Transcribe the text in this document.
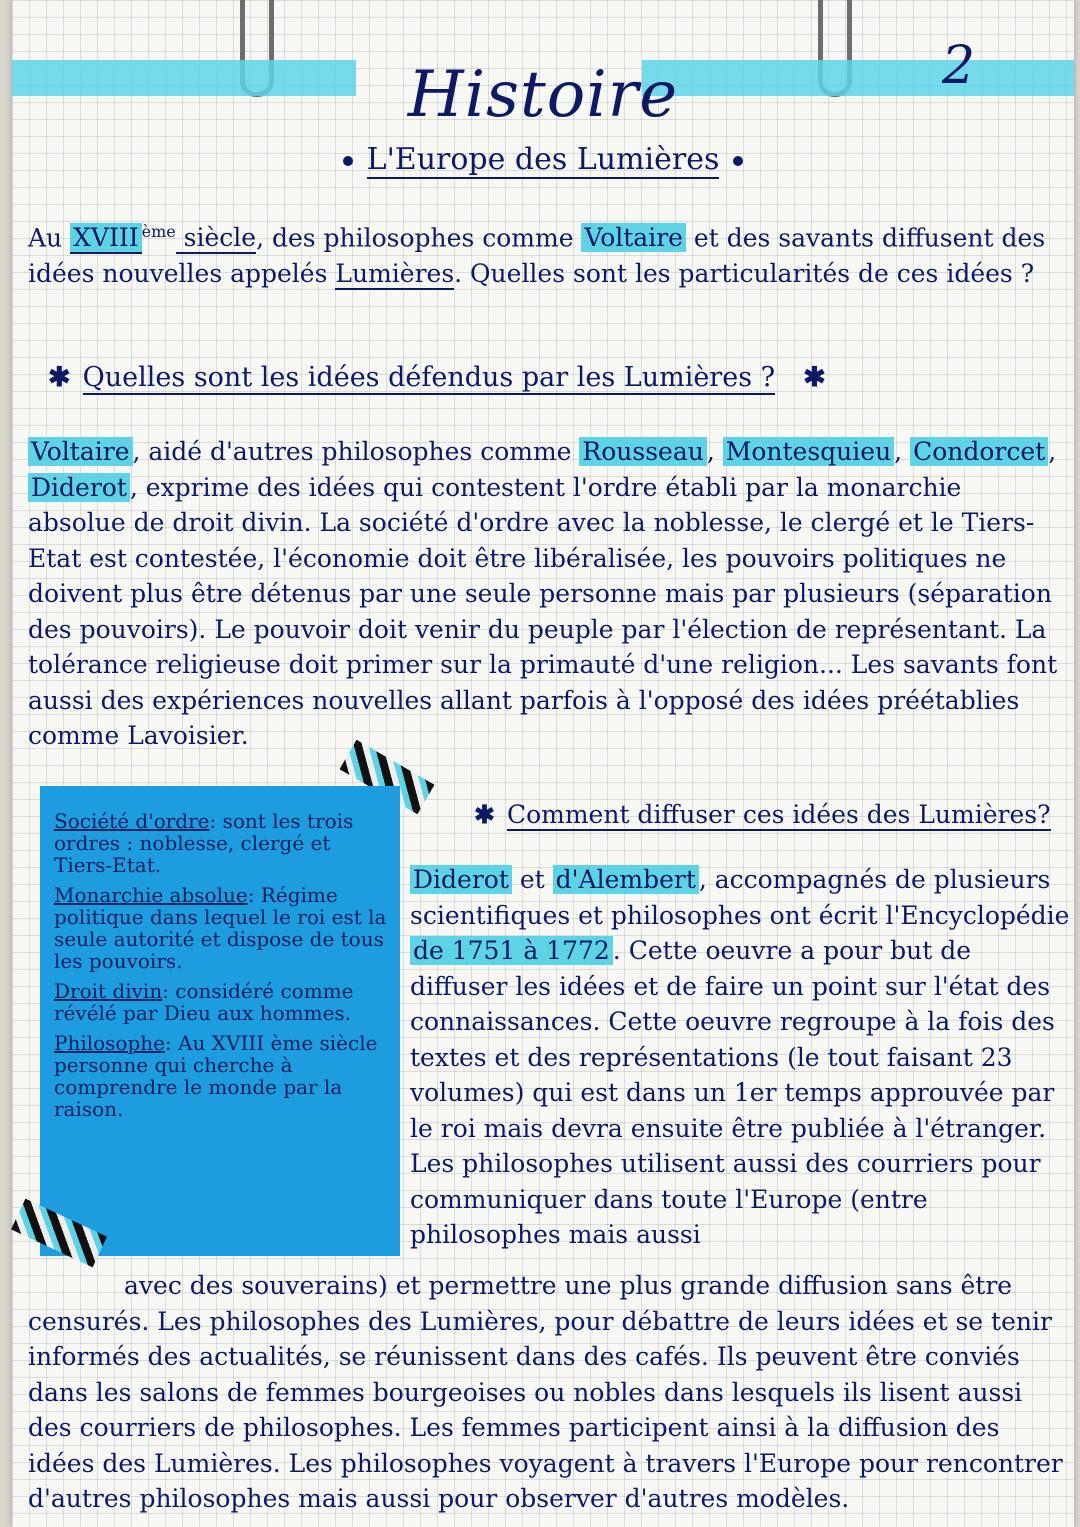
2
Histoire
L'Europe des Lumières
Au XVIII $^{ème}$ siècle, des philosophes comme Voltaire et des savants diffusent des idées nouvelles appelés Lumières. Quelles sont les particularités de ces idées ?
✱ Quelles sont les idées défendus par les Lumières ? ✱
Voltaire , aidé d'autres philosophes comme Rousseau , Montesquieu , Condorcet , Diderot , exprime des idées qui contestent l'ordre établi par la monarchie absolue de droit divin. La société d'ordre avec la noblesse, le clergé et le Tiers-Etat est contestée, l'économie doit être libéralisée, les pouvoirs politiques ne doivent plus être détenus par une seule personne mais par plusieurs (séparation des pouvoirs). Le pouvoir doit venir du peuple par l'élection de représentant. La tolérance religieuse doit primer sur la primauté d'une religion... Les savants font aussi des expériences nouvelles allant parfois à l'opposé des idées préétablies comme Lavoisier.
✱ Comment diffuser ces idées des Lumières?

Société d'ordre: sont les trois ordres : noblesse, clergé et Tiers-Etat.

Monarchie absolue: Régime politique dans lequel le roi est la seule autorité et dispose de tous les pouvoirs.

Droit divin: considéré comme révélé par Dieu aux hommes.

Philosophe: Au XVIII ème siècle personne qui cherche à comprendre le monde par la raison.

Diderot et d'Alembert , accompagnés de plusieurs scientifiques et philosophes ont écrit l'Encyclopédie de 1751 à 1772 . Cette oeuvre a pour but de diffuser les idées et de faire un point sur l'état des connaissances. Cette oeuvre regroupe à la fois des textes et des représentations (le tout faisant 23 volumes) qui est dans un 1er temps approuvée par le roi mais devra ensuite être publiée à l'étranger. Les philosophes utilisent aussi des courriers pour communiquer dans toute l'Europe (entre philosophes mais aussi
avec des souverains) et permettre une plus grande diffusion sans être censurés. Les philosophes des Lumières, pour débattre de leurs idées et se tenir informés des actualités, se réunissent dans des cafés. Ils peuvent être conviés dans les salons de femmes bourgeoises ou nobles dans lesquels ils lisent aussi des courriers de philosophes. Les femmes participent ainsi à la diffusion des idées des Lumières. Les philosophes voyagent à travers l'Europe pour rencontrer d'autres philosophes mais aussi pour observer d'autres modèles.
